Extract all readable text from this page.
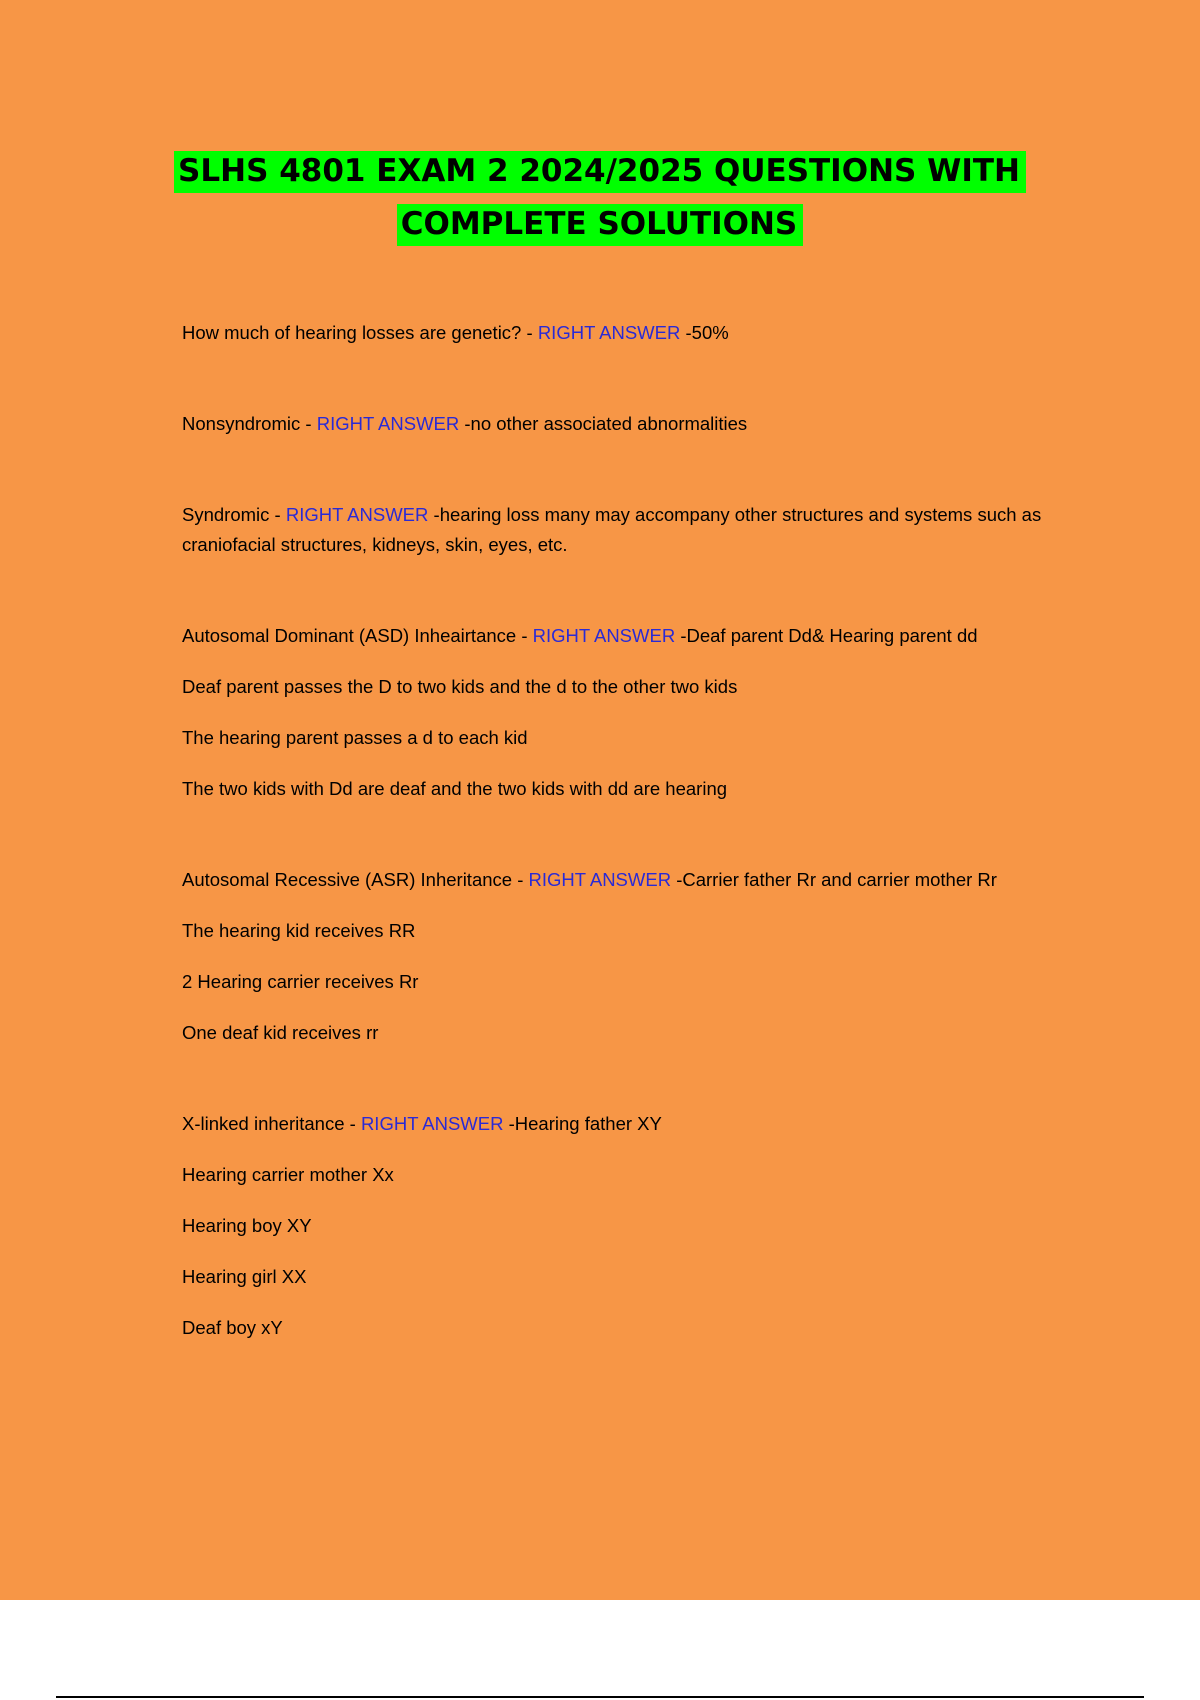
SLHS 4801 EXAM 2 2024/2025 QUESTIONS WITH
COMPLETE SOLUTIONS

How much of hearing losses are genetic? - RIGHT ANSWER -50%

Nonsyndromic - RIGHT ANSWER -no other associated abnormalities

Syndromic - RIGHT ANSWER -hearing loss many may accompany other structures and systems such as craniofacial structures, kidneys, skin, eyes, etc.

Autosomal Dominant (ASD) Inheairtance - RIGHT ANSWER -Deaf parent Dd& Hearing parent dd

Deaf parent passes the D to two kids and the d to the other two kids

The hearing parent passes a d to each kid

The two kids with Dd are deaf and the two kids with dd are hearing

Autosomal Recessive (ASR) Inheritance - RIGHT ANSWER -Carrier father Rr and carrier mother Rr

The hearing kid receives RR

2 Hearing carrier receives Rr

One deaf kid receives rr

X-linked inheritance - RIGHT ANSWER -Hearing father XY

Hearing carrier mother Xx

Hearing boy XY

Hearing girl XX

Deaf boy xY
